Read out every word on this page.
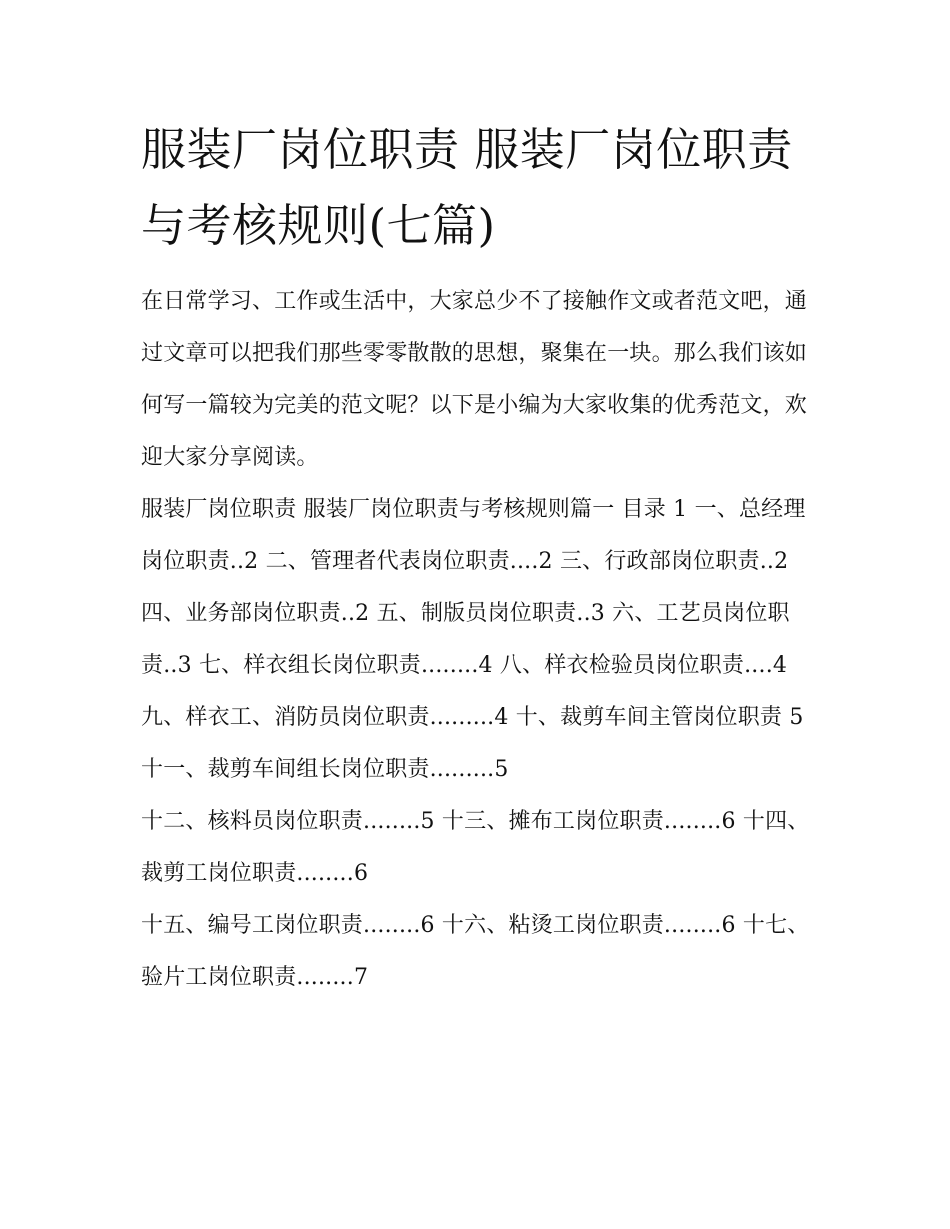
服装厂岗位职责 服装厂岗位职责与考核规则(七篇)

在日常学习、工作或生活中，大家总少不了接触作文或者范文吧，通过文章可以把我们那些零零散散的思想，聚集在一块。那么我们该如何写一篇较为完美的范文呢？以下是小编为大家收集的优秀范文，欢迎大家分享阅读。

服装厂岗位职责 服装厂岗位职责与考核规则篇一 目录 1 一、总经理岗位职责..2 二、管理者代表岗位职责....2 三、行政部岗位职责..2

四、业务部岗位职责..2 五、制版员岗位职责..3 六、工艺员岗位职责..3 七、样衣组长岗位职责........4 八、样衣检验员岗位职责....4

九、样衣工、消防员岗位职责.........4 十、裁剪车间主管岗位职责 5 十一、裁剪车间组长岗位职责.........5

十二、核料员岗位职责........5 十三、摊布工岗位职责........6 十四、裁剪工岗位职责........6

十五、编号工岗位职责........6 十六、粘烫工岗位职责........6 十七、验片工岗位职责........7
